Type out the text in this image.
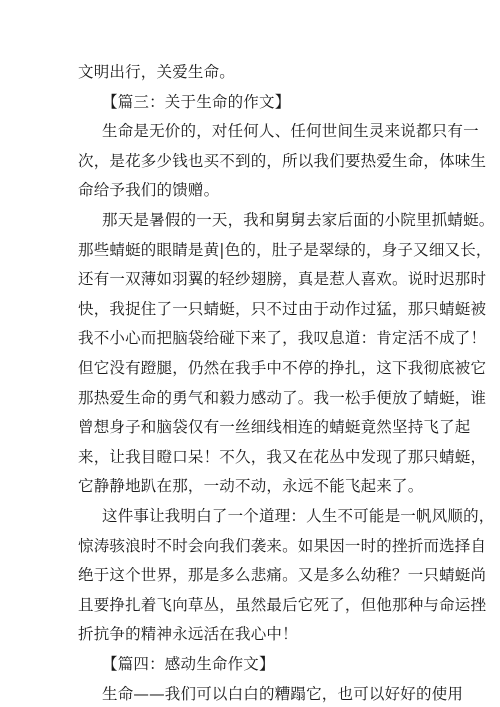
文明出行，关爱生命。
【篇三：关于生命的作文】
生命是无价的，对任何人、任何世间生灵来说都只有一
次，是花多少钱也买不到的，所以我们要热爱生命，体味生
命给予我们的馈赠。
那天是暑假的一天，我和舅舅去家后面的小院里抓蜻蜓。
那些蜻蜓的眼睛是黄|色的，肚子是翠绿的，身子又细又长，
还有一双薄如羽翼的轻纱翅膀，真是惹人喜欢。说时迟那时
快，我捉住了一只蜻蜓，只不过由于动作过猛，那只蜻蜓被
我不小心而把脑袋给碰下来了，我叹息道：肯定活不成了！
但它没有蹬腿，仍然在我手中不停的挣扎，这下我彻底被它
那热爱生命的勇气和毅力感动了。我一松手便放了蜻蜓，谁
曾想身子和脑袋仅有一丝细线相连的蜻蜓竟然坚持飞了起
来，让我目瞪口呆！不久，我又在花丛中发现了那只蜻蜓，
它静静地趴在那，一动不动，永远不能飞起来了。
这件事让我明白了一个道理：人生不可能是一帆风顺的，
惊涛骇浪时不时会向我们袭来。如果因一时的挫折而选择自
绝于这个世界，那是多么悲痛。又是多么幼稚？一只蜻蜓尚
且要挣扎着飞向草丛，虽然最后它死了，但他那种与命运挫
折抗争的精神永远活在我心中！
【篇四：感动生命作文】
生命——我们可以白白的糟蹋它，也可以好好的使用
